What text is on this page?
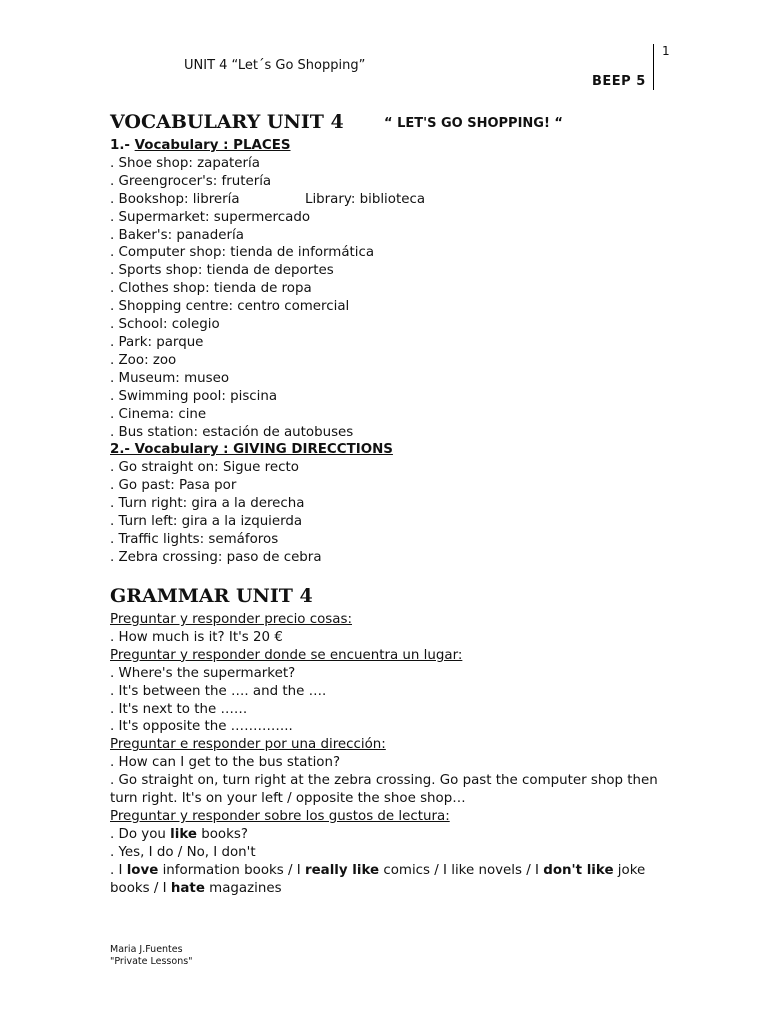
UNIT 4 “Let´s Go Shopping”
BEEP 5
1
VOCABULARY UNIT 4	“ LET'S GO SHOPPING! “
1.- Vocabulary : PLACES
. Shoe shop: zapatería
. Greengrocer's: frutería
. Bookshop: librería	Library: biblioteca
. Supermarket: supermercado
. Baker's: panadería
. Computer shop: tienda de informática
. Sports shop: tienda de deportes
. Clothes shop: tienda de ropa
. Shopping centre: centro comercial
. School: colegio
. Park: parque
. Zoo: zoo
. Museum: museo
. Swimming pool: piscina
. Cinema: cine
. Bus station: estación de autobuses
2.- Vocabulary : GIVING DIRECCTIONS
. Go straight on: Sigue recto
. Go past: Pasa por
. Turn right: gira a la derecha
. Turn left: gira a la izquierda
. Traffic lights: semáforos
. Zebra crossing: paso de cebra
GRAMMAR UNIT 4
Preguntar y responder precio cosas:
. How much is it? It's 20 €
Preguntar y responder donde se encuentra un lugar:
. Where's the supermarket?
. It's between the …. and the ….
. It's next to the ……
. It's opposite the …………..
Preguntar e responder por una dirección:
. How can I get to the bus station?
. Go straight on, turn right at the zebra crossing. Go past the computer shop then turn right. It's on your left / opposite the shoe shop…
Preguntar y responder sobre los gustos de lectura:
. Do you like books?
. Yes, I do / No, I don't
. I love information books / I really like comics / I like novels / I don't like joke books / I hate magazines
Maria J.Fuentes
"Private Lessons"
